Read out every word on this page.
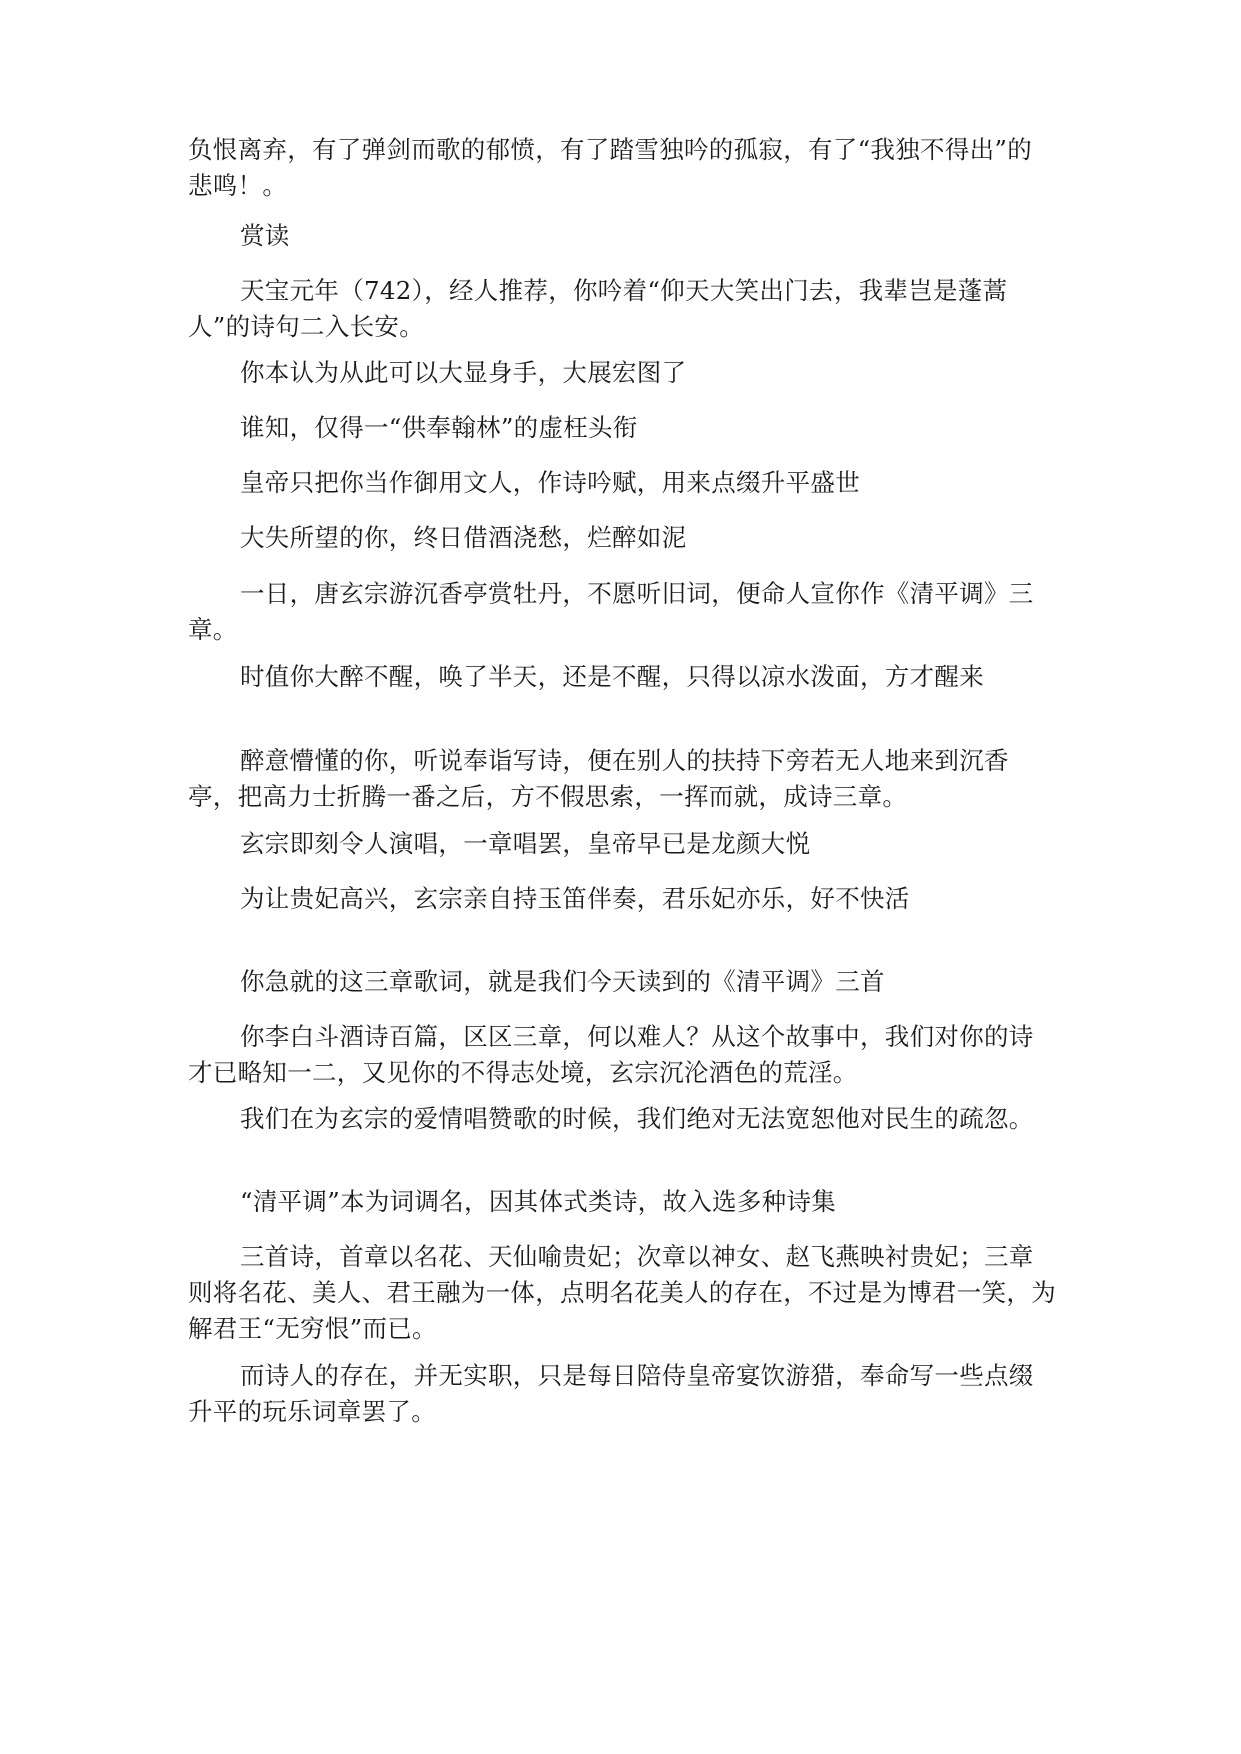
负恨离弃，有了弹剑而歌的郁愤，有了踏雪独吟的孤寂，有了“我独不得出”的悲鸣！。

赏读

天宝元年（742），经人推荐，你吟着“仰天大笑出门去，我辈岂是蓬蒿人”的诗句二入长安。

你本认为从此可以大显身手，大展宏图了

谁知，仅得一“供奉翰林”的虚枉头衔

皇帝只把你当作御用文人，作诗吟赋，用来点缀升平盛世

大失所望的你，终日借酒浇愁，烂醉如泥

一日，唐玄宗游沉香亭赏牡丹，不愿听旧词，便命人宣你作《清平调》三章。

时值你大醉不醒，唤了半天，还是不醒，只得以凉水泼面，方才醒来

醉意懵懂的你，听说奉诣写诗，便在别人的扶持下旁若无人地来到沉香亭，把高力士折腾一番之后，方不假思索，一挥而就，成诗三章。

玄宗即刻令人演唱，一章唱罢，皇帝早已是龙颜大悦

为让贵妃高兴，玄宗亲自持玉笛伴奏，君乐妃亦乐，好不快活

你急就的这三章歌词，就是我们今天读到的《清平调》三首

你李白斗酒诗百篇，区区三章，何以难人？从这个故事中，我们对你的诗才已略知一二，又见你的不得志处境，玄宗沉沦酒色的荒淫。

我们在为玄宗的爱情唱赞歌的时候，我们绝对无法宽恕他对民生的疏忽。

“清平调”本为词调名，因其体式类诗，故入选多种诗集

三首诗，首章以名花、天仙喻贵妃；次章以神女、赵飞燕映衬贵妃；三章则将名花、美人、君王融为一体，点明名花美人的存在，不过是为博君一笑，为解君王“无穷恨”而已。

而诗人的存在，并无实职，只是每日陪侍皇帝宴饮游猎，奉命写一些点缀升平的玩乐词章罢了。
